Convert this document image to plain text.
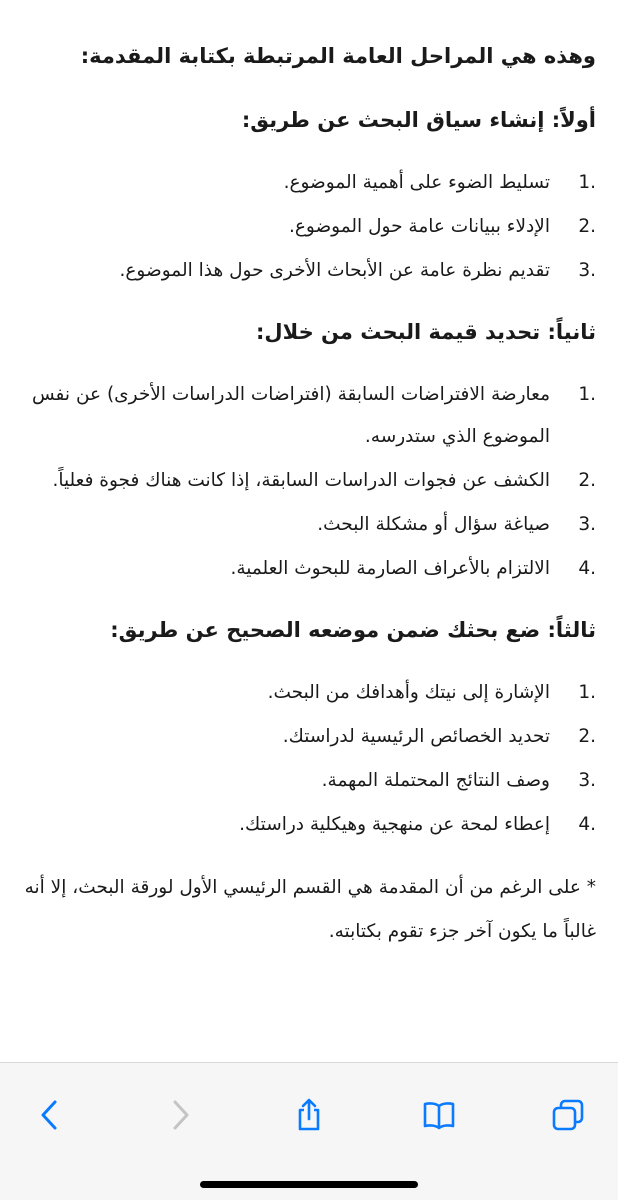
وهذه هي المراحل العامة المرتبطة بكتابة المقدمة:
أولاً: إنشاء سياق البحث عن طريق:
1.
تسليط الضوء على أهمية الموضوع.
2.
الإدلاء ببيانات عامة حول الموضوع.
3.
تقديم نظرة عامة عن الأبحاث الأخرى حول هذا الموضوع.
ثانياً: تحديد قيمة البحث من خلال:
1.
معارضة الافتراضات السابقة (افتراضات الدراسات الأخرى) عن نفس الموضوع الذي ستدرسه.
2.
الكشف عن فجوات الدراسات السابقة، إذا كانت هناك فجوة فعلياً.
3.
صياغة سؤال أو مشكلة البحث.
4.
الالتزام بالأعراف الصارمة للبحوث العلمية.
ثالثاً: ضع بحثك ضمن موضعه الصحيح عن طريق:
1.
الإشارة إلى نيتك وأهدافك من البحث.
2.
تحديد الخصائص الرئيسية لدراستك.
3.
وصف النتائج المحتملة المهمة.
4.
إعطاء لمحة عن منهجية وهيكلية دراستك.
* على الرغم من أن المقدمة هي القسم الرئيسي الأول لورقة البحث، إلا أنه غالباً ما يكون آخر جزء تقوم بكتابته.
